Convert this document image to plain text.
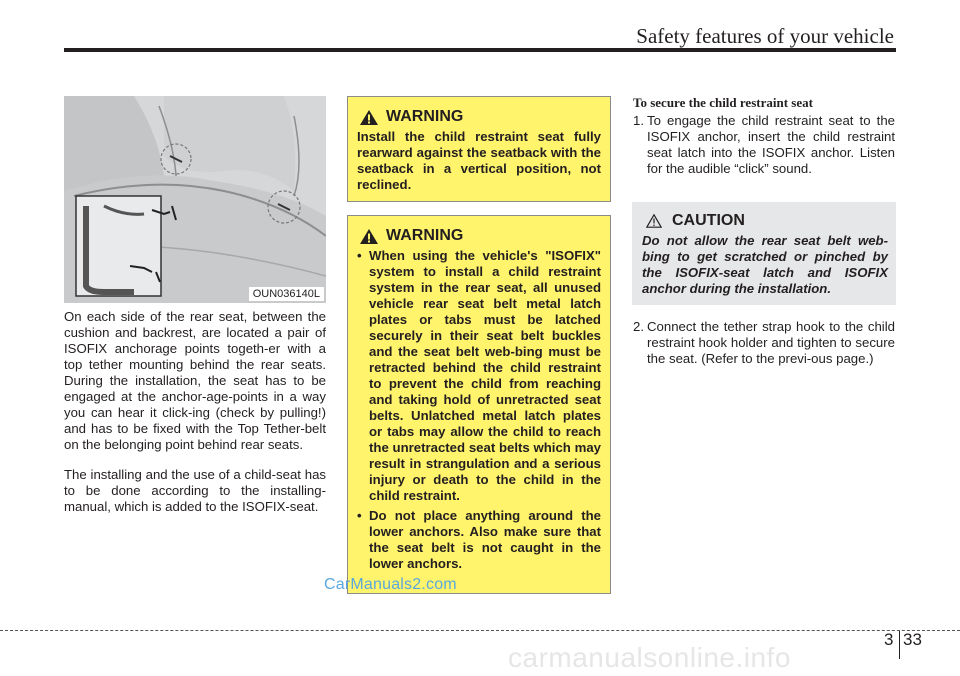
Safety features of your vehicle
OUN036140L
On each side of the rear seat, between the cushion and backrest, are located a pair of ISOFIX anchorage points togeth-er with a top tether mounting behind the rear seats. During the installation, the seat has to be engaged at the anchor-age-points in a way you can hear it click-ing (check by pulling!) and has to be fixed with the Top Tether-belt on the belonging point behind rear seats.
The installing and the use of a child-seat has to be done according to the installing-manual, which is added to the ISOFIX-seat.
WARNING
Install the child restraint seat fully rearward against the seatback with the seatback in a vertical position, not reclined.
WARNING
• When using the vehicle's "ISOFIX" system to install a child restraint system in the rear seat, all unused vehicle rear seat belt metal latch plates or tabs must be latched securely in their seat belt buckles and the seat belt web-bing must be retracted behind the child restraint to prevent the child from reaching and taking hold of unretracted seat belts. Unlatched metal latch plates or tabs may allow the child to reach the unretracted seat belts which may result in strangulation and a serious injury or death to the child in the child restraint.
• Do not place anything around the lower anchors. Also make sure that the seat belt is not caught in the lower anchors.
To secure the child restraint seat
1. To engage the child restraint seat to the ISOFIX anchor, insert the child restraint seat latch into the ISOFIX anchor. Listen for the audible “click” sound.
CAUTION
Do not allow the rear seat belt web-bing to get scratched or pinched by the ISOFIX-seat latch and ISOFIX anchor during the installation.
2. Connect the tether strap hook to the child restraint hook holder and tighten to secure the seat. (Refer to the previ-ous page.)
CarManuals2.com
3 33
carmanualsonline.info
